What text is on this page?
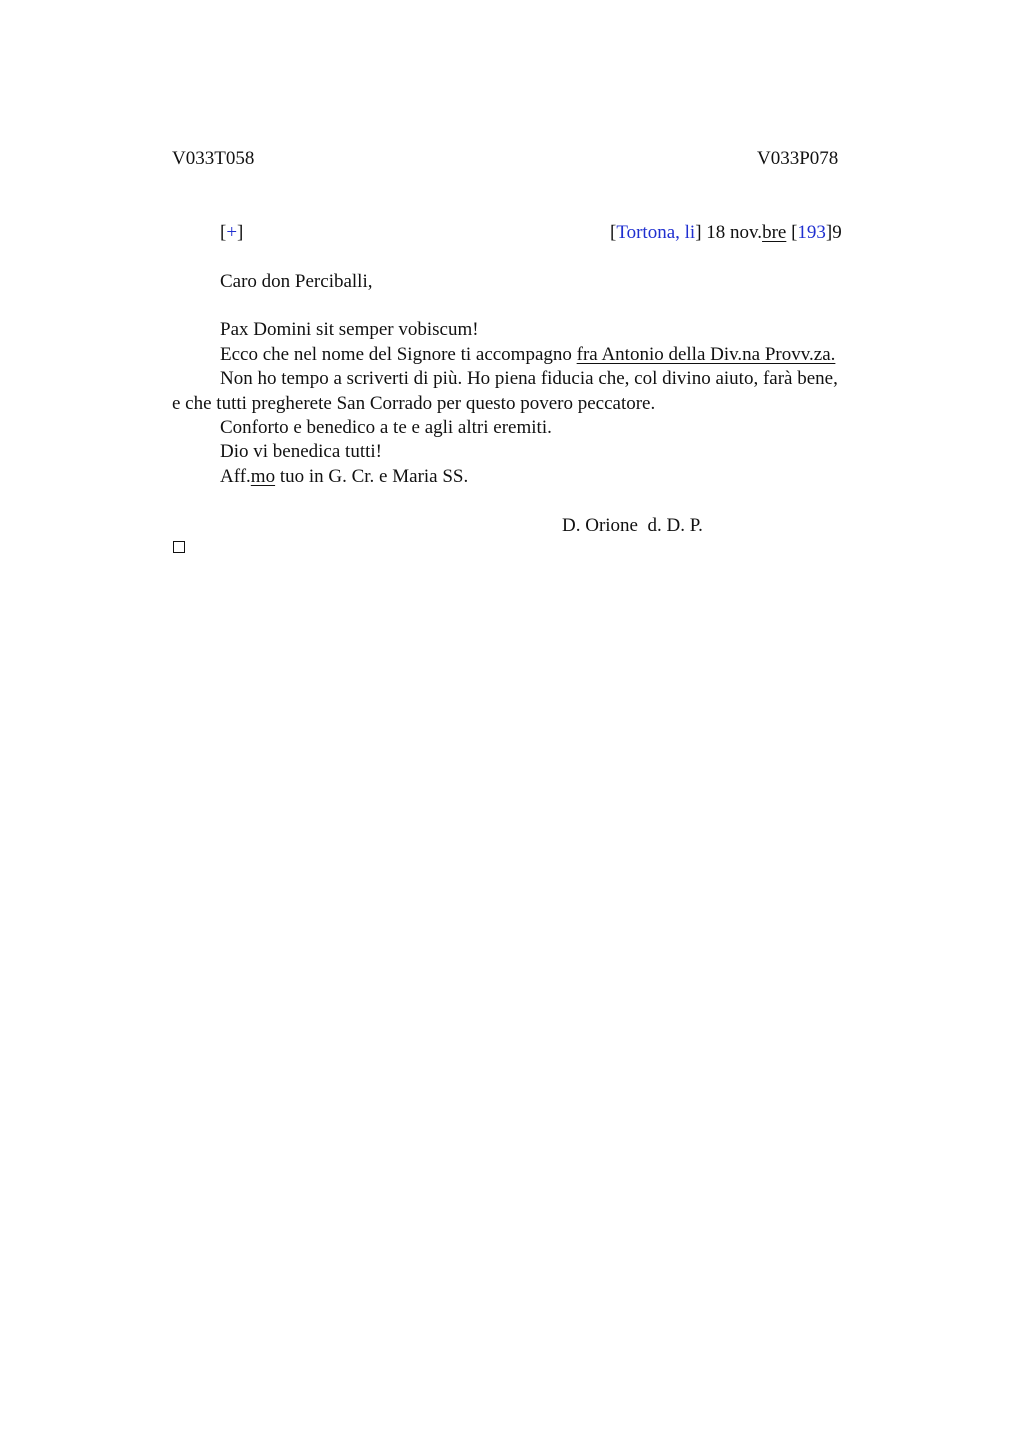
V033T058	V033P078
[+]	[Tortona, li] 18 nov.bre [193]9
Caro don Perciballi,
Pax Domini sit semper vobiscum!
Ecco che nel nome del Signore ti accompagno fra Antonio della Div.na Provv.za.
Non ho tempo a scriverti di più. Ho piena fiducia che, col divino aiuto, farà bene,
e che tutti pregherete San Corrado per questo povero peccatore.
Conforto e benedico a te e agli altri eremiti.
Dio vi benedica tutti!
Aff.mo tuo in G. Cr. e Maria SS.
D. Orione  d. D. P.
